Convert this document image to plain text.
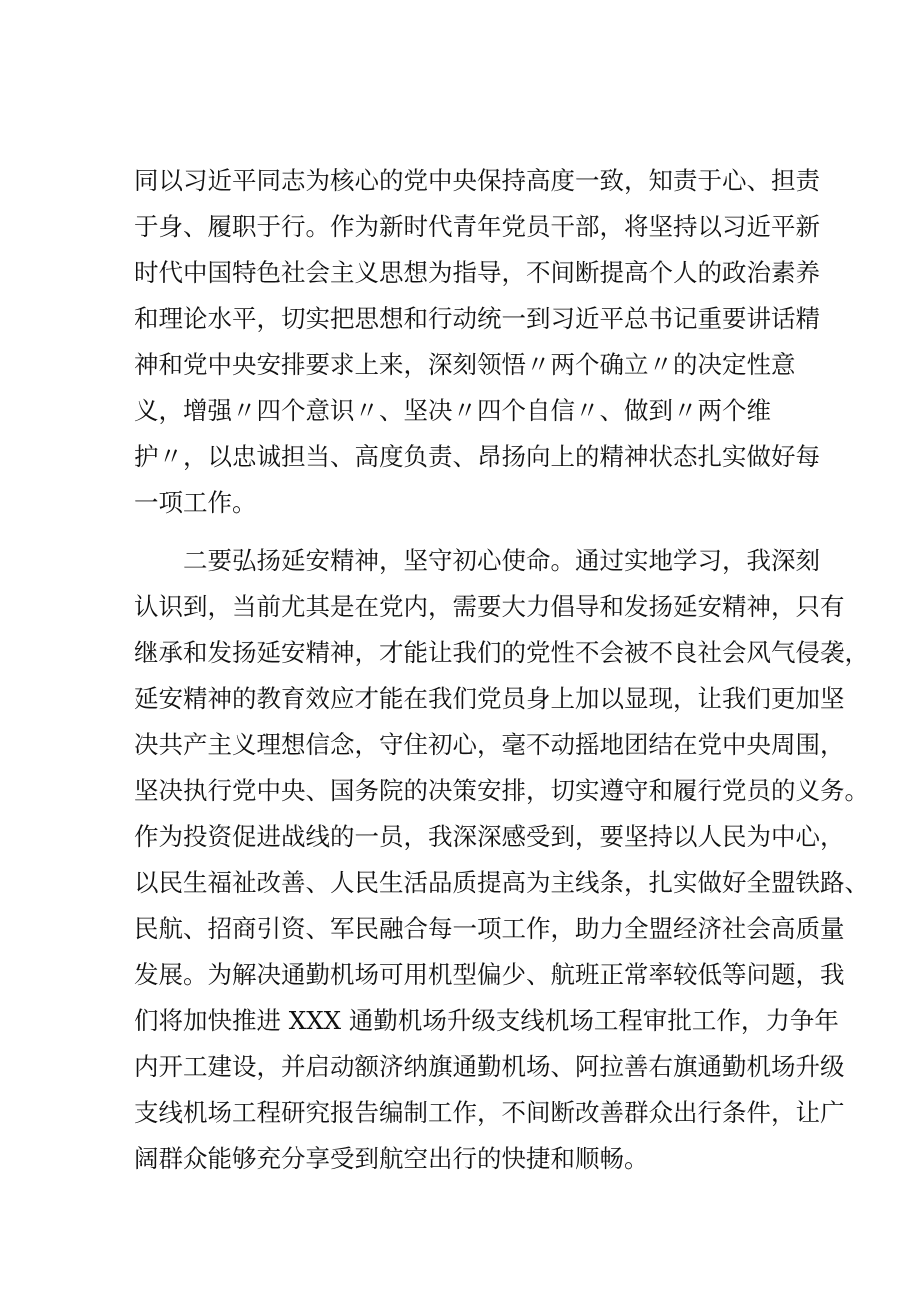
同以习近平同志为核心的党中央保持高度一致，知责于心、担责
于身、履职于行。作为新时代青年党员干部，将坚持以习近平新
时代中国特色社会主义思想为指导，不间断提高个人的政治素养
和理论水平，切实把思想和行动统一到习近平总书记重要讲话精
神和党中央安排要求上来，深刻领悟〃两个确立〃的决定性意
义，增强〃四个意识〃、坚决〃四个自信〃、做到〃两个维
护〃，以忠诚担当、高度负责、昂扬向上的精神状态扎实做好每
一项工作。
　　二要弘扬延安精神，坚守初心使命。通过实地学习，我深刻
认识到，当前尤其是在党内，需要大力倡导和发扬延安精神，只有
继承和发扬延安精神，才能让我们的党性不会被不良社会风气侵袭，
延安精神的教育效应才能在我们党员身上加以显现，让我们更加坚
决共产主义理想信念，守住初心，毫不动摇地团结在党中央周围，
坚决执行党中央、国务院的决策安排，切实遵守和履行党员的义务。
作为投资促进战线的一员，我深深感受到，要坚持以人民为中心，
以民生福祉改善、人民生活品质提高为主线条，扎实做好全盟铁路、
民航、招商引资、军民融合每一项工作，助力全盟经济社会高质量
发展。为解决通勤机场可用机型偏少、航班正常率较低等问题，我
们将加快推进 XXX 通勤机场升级支线机场工程审批工作，力争年
内开工建设，并启动额济纳旗通勤机场、阿拉善右旗通勤机场升级
支线机场工程研究报告编制工作，不间断改善群众出行条件，让广
阔群众能够充分享受到航空出行的快捷和顺畅。
